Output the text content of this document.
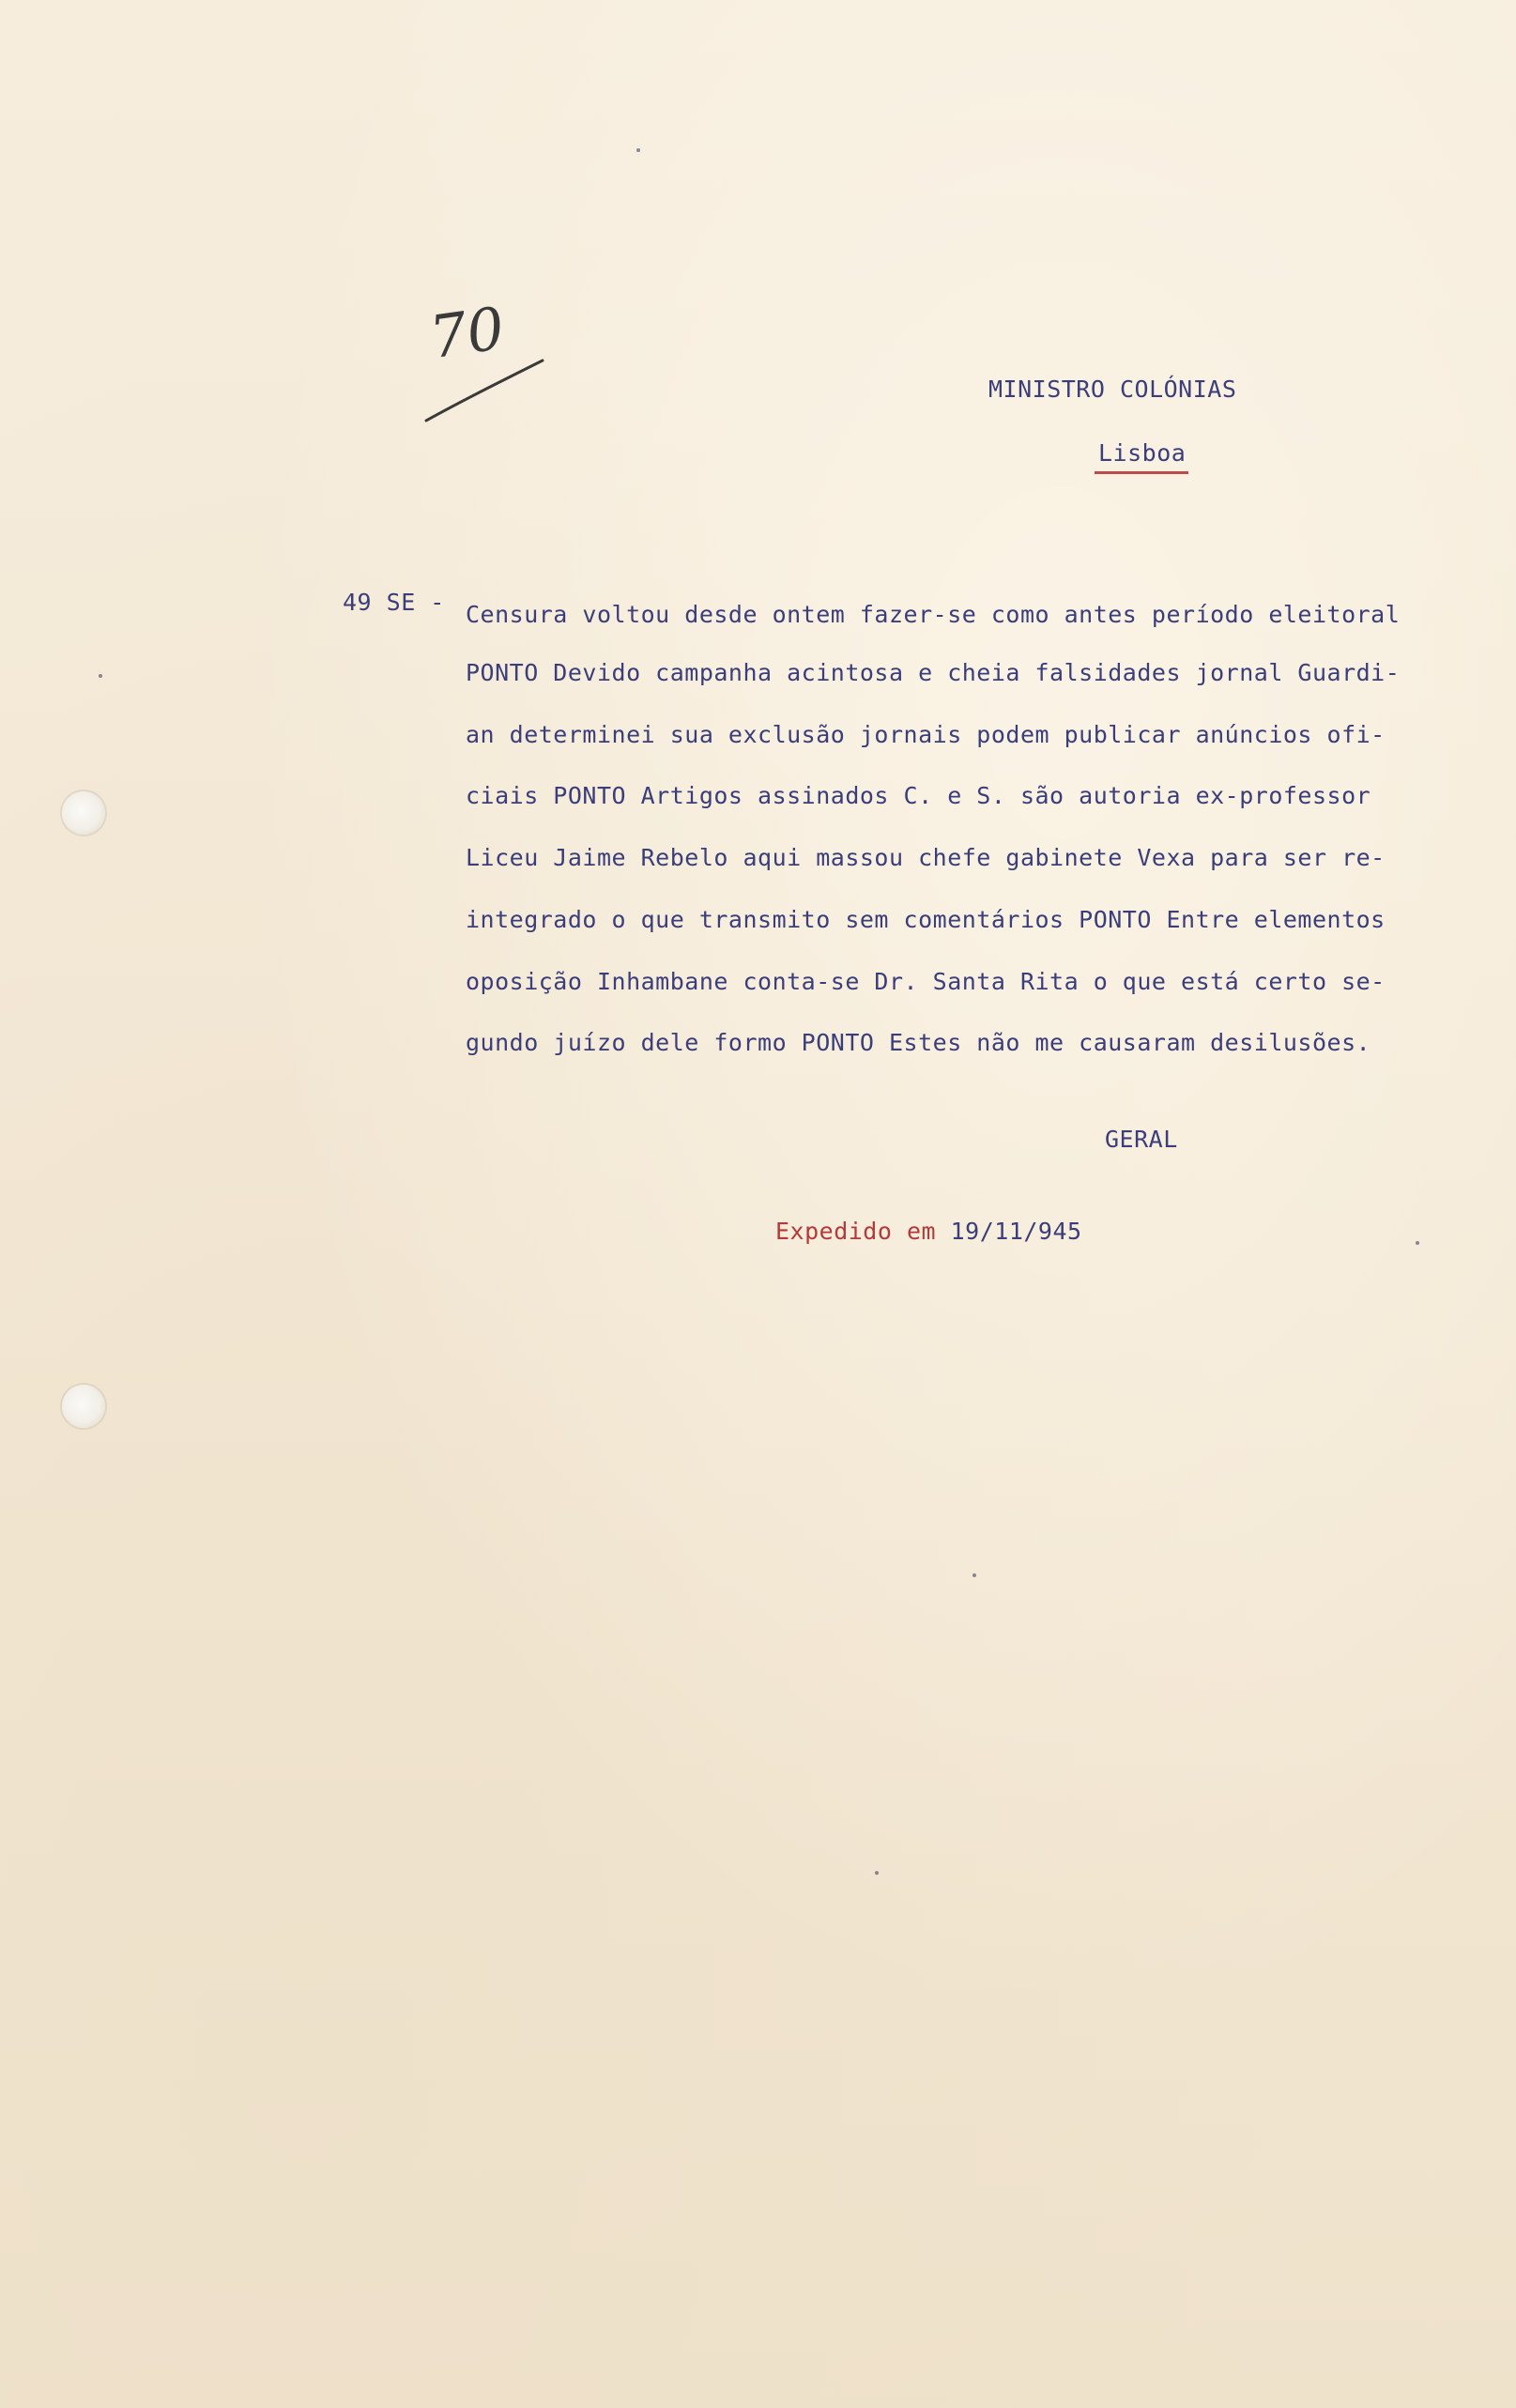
70
MINISTRO COLÓNIAS
Lisboa
49 SE - Censura voltou desde ontem fazer-se como antes período eleitoral
PONTO Devido campanha acintosa e cheia falsidades jornal Guardi-
an determinei sua exclusão jornais podem publicar anúncios ofi-
ciais PONTO Artigos assinados C. e S. são autoria ex-professor
Liceu Jaime Rebelo aqui massou chefe gabinete Vexa para ser re-
integrado o que transmito sem comentários PONTO Entre elementos
oposição Inhambane conta-se Dr. Santa Rita o que está certo se-
gundo juízo dele formo PONTO Estes não me causaram desilusões.
GERAL
Expedido em 19/11/945
